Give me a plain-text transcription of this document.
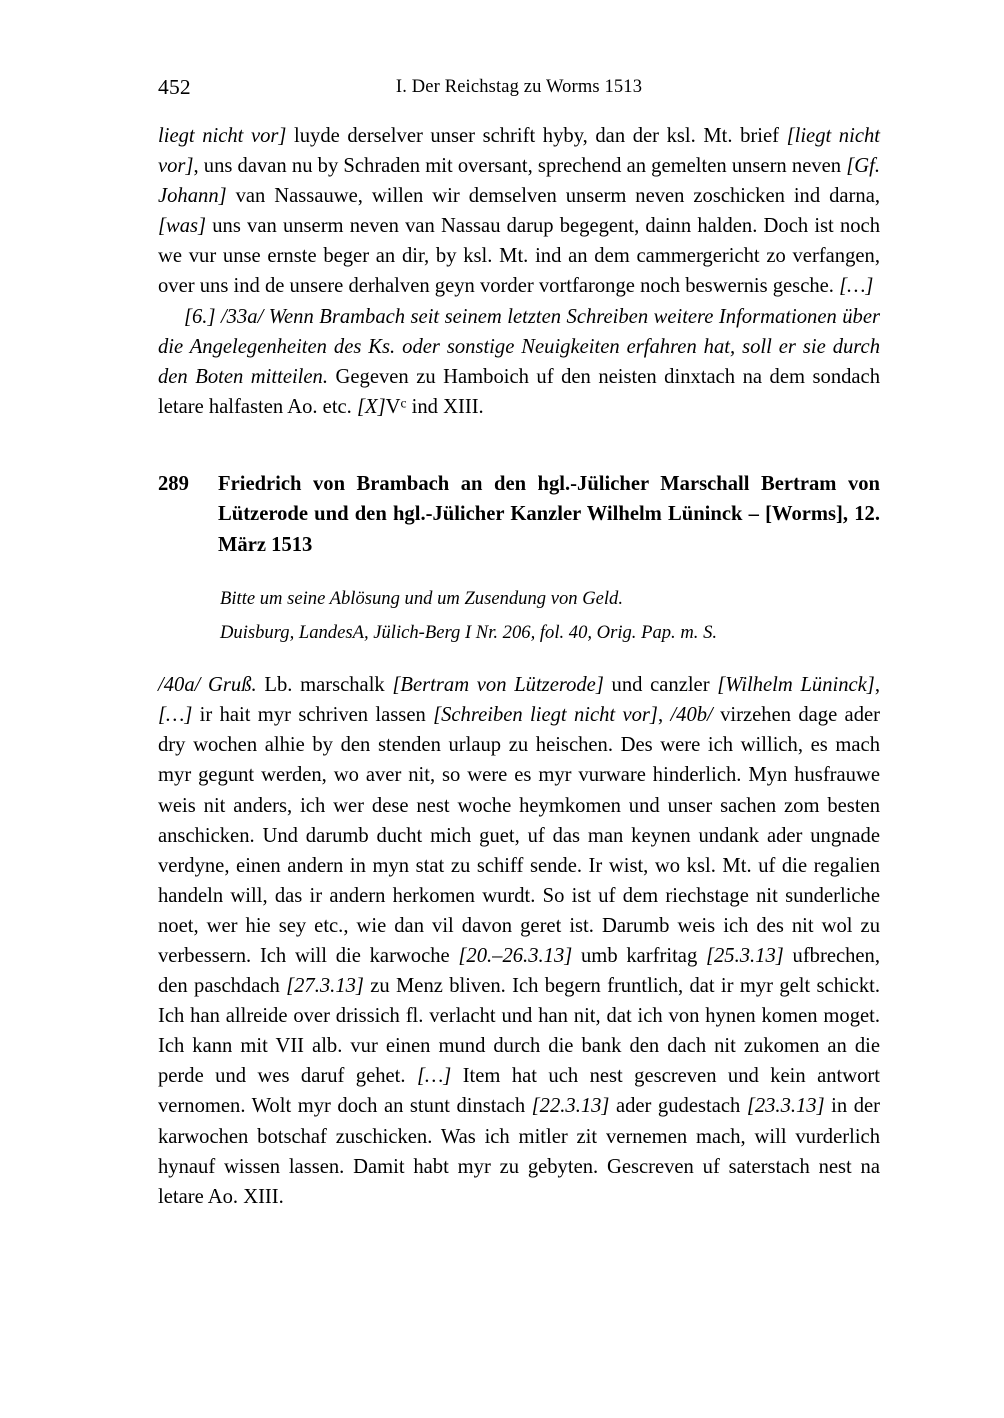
452	I. Der Reichstag zu Worms 1513

liegt nicht vor] luyde derselver unser schrift hyby, dan der ksl. Mt. brief [liegt nicht vor], uns davan nu by Schraden mit oversant, sprechend an gemelten unsern neven [Gf. Johann] van Nassauwe, willen wir demselven unserm neven zoschicken ind darna, [was] uns van unserm neven van Nassau darup begegent, dainn halden. Doch ist noch we vur unse ernste beger an dir, by ksl. Mt. ind an dem cammergericht zo verfangen, over uns ind de unsere derhalven geyn vorder vortfaronge noch beswernis gesche. […]

[6.] /33a/ Wenn Brambach seit seinem letzten Schreiben weitere Informationen über die Angelegenheiten des Ks. oder sonstige Neuigkeiten erfahren hat, soll er sie durch den Boten mitteilen. Gegeven zu Hamboich uf den neisten dinxtach na dem sondach letare halfasten Ao. etc. $[X]V^c$ ind XIII.

289 Friedrich von Brambach an den hgl.-Jülicher Marschall Bertram von Lützerode und den hgl.-Jülicher Kanzler Wilhelm Lüninck – [Worms], 12. März 1513

Bitte um seine Ablösung und um Zusendung von Geld.

Duisburg, LandesA, Jülich-Berg I Nr. 206, fol. 40, Orig. Pap. m. S.

/40a/ Gruß. Lb. marschalk [Bertram von Lützerode] und canzler [Wilhelm Lüninck], […] ir hait myr schriven lassen [Schreiben liegt nicht vor], /40b/ virzehen dage ader dry wochen alhie by den stenden urlaup zu heischen. Des were ich willich, es mach myr gegunt werden, wo aver nit, so were es myr vurware hinderlich. Myn husfrauwe weis nit anders, ich wer dese nest woche heymkomen und unser sachen zom besten anschicken. Und darumb ducht mich guet, uf das man keynen undank ader ungnade verdyne, einen andern in myn stat zu schiff sende. Ir wist, wo ksl. Mt. uf die regalien handeln will, das ir andern herkomen wurdt. So ist uf dem riechstage nit sunderliche noet, wer hie sey etc., wie dan vil davon geret ist. Darumb weis ich des nit wol zu verbessern. Ich will die karwoche [20.–26.3.13] umb karfritag [25.3.13] ufbrechen, den paschdach [27.3.13] zu Menz bliven. Ich begern fruntlich, dat ir myr gelt schickt. Ich han allreide over drissich fl. verlacht und han nit, dat ich von hynen komen moget. Ich kann mit VII alb. vur einen mund durch die bank den dach nit zukomen an die perde und wes daruf gehet. […] Item hat uch nest gescreven und kein antwort vernomen. Wolt myr doch an stunt dinstach [22.3.13] ader gudestach [23.3.13] in der karwochen botschaf zuschicken. Was ich mitler zit vernemen mach, will vurderlich hynauf wissen lassen. Damit habt myr zu gebyten. Gescreven uf saterstach nest na letare Ao. XIII.
